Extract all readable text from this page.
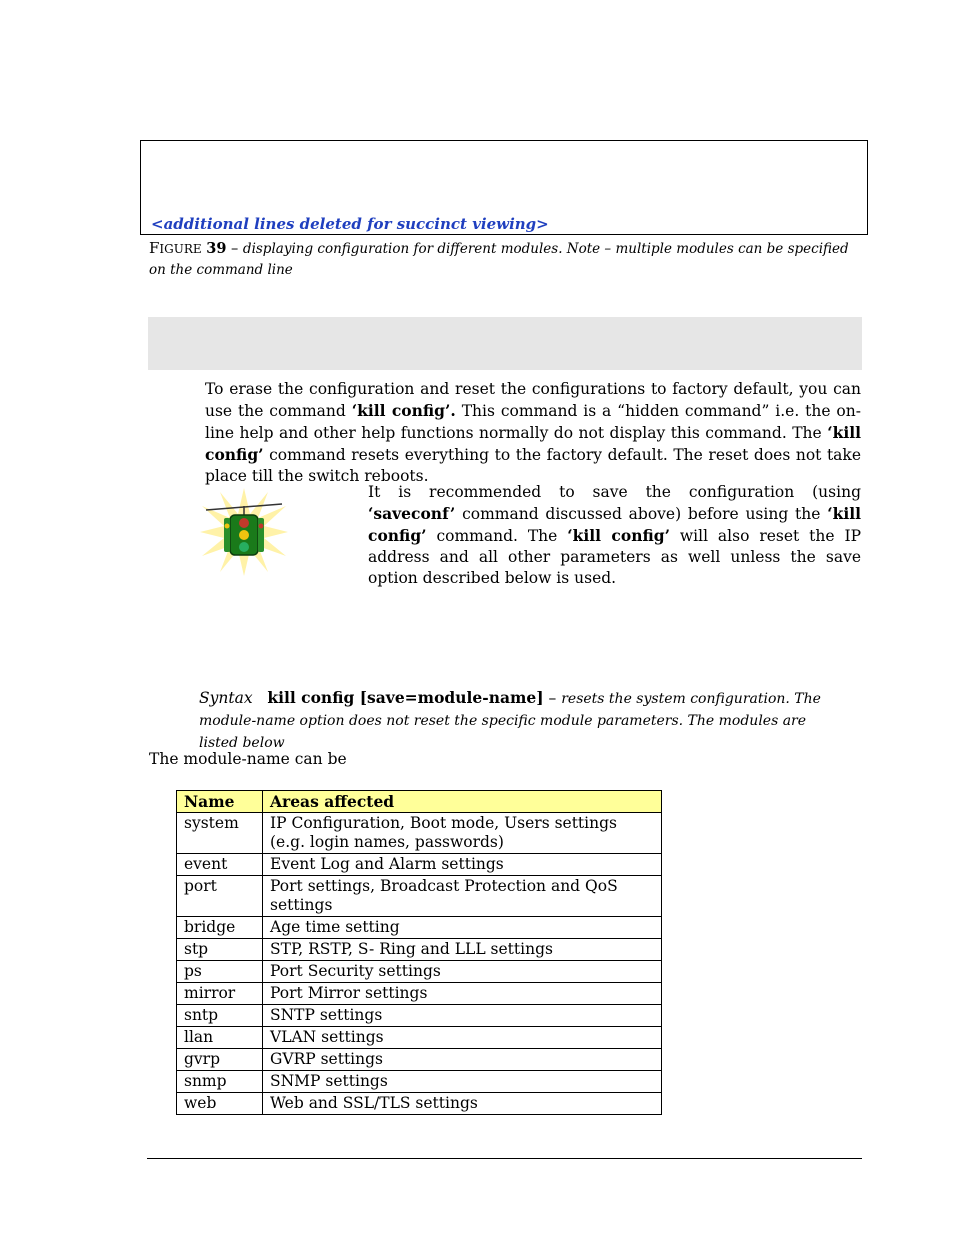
<additional lines deleted for succinct viewing>
FIGURE 39 – displaying configuration for different modules. Note – multiple modules can be specified on the command line
To erase the configuration and reset the configurations to factory default, you can use the command ‘kill config’. This command is a “hidden command” i.e. the on-line help and other help functions normally do not display this command. The ‘kill config’ command resets everything to the factory default. The reset does not take place till the switch reboots.
It is recommended to save the configuration (using ‘saveconf’ command discussed above) before using the ‘kill config’ command. The ‘kill config’ will also reset the IP address and all other parameters as well unless the save option described below is used.
Syntax kill config [save=module-name] – resets the system configuration. The module-name option does not reset the specific module parameters. The modules are listed below
The module-name can be
Name	Areas affected
system	IP Configuration, Boot mode, Users settings (e.g. login names, passwords)
event	Event Log and Alarm settings
port	Port settings, Broadcast Protection and QoS settings
bridge	Age time setting
stp	STP, RSTP, S- Ring and LLL settings
ps	Port Security settings
mirror	Port Mirror settings
sntp	SNTP settings
llan	VLAN settings
gvrp	GVRP settings
snmp	SNMP settings
web	Web and SSL/TLS settings
